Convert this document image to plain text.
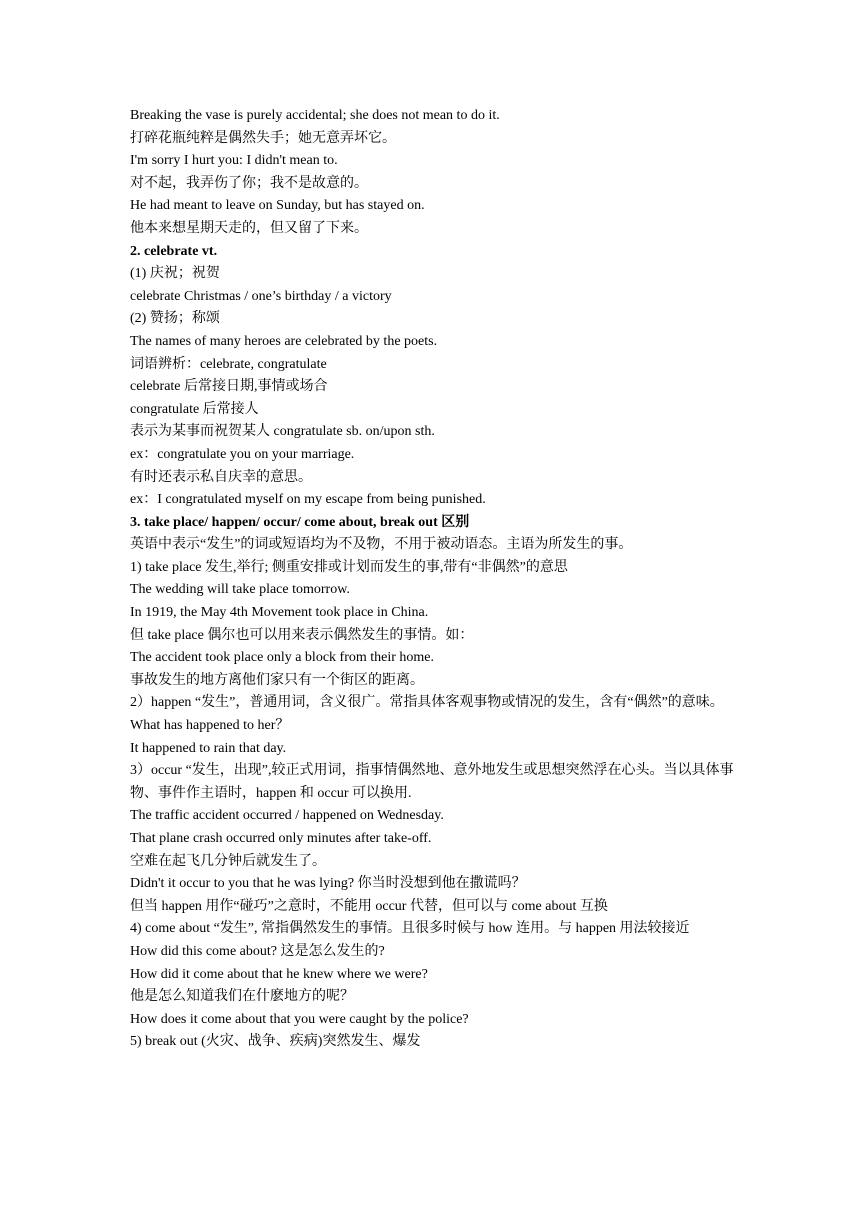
Breaking the vase is purely accidental; she does not mean to do it.
打碎花瓶纯粹是偶然失手；她无意弄坏它。
I'm sorry I hurt you: I didn't mean to.
对不起，我弄伤了你；我不是故意的。
He had meant to leave on Sunday, but has stayed on.
他本来想星期天走的，但又留了下来。
2. celebrate vt.
(1) 庆祝；祝贺
celebrate Christmas / one’s birthday / a victory
(2) 赞扬；称颂
The names of many heroes are celebrated by the poets.
词语辨析：celebrate, congratulate
celebrate 后常接日期,事情或场合
congratulate 后常接人
表示为某事而祝贺某人 congratulate sb. on/upon sth.
ex：congratulate you on your marriage.
有时还表示私自庆幸的意思。
ex：I congratulated myself on my escape from being punished.
3. take place/ happen/ occur/ come about, break out 区别
英语中表示“发生”的词或短语均为不及物，不用于被动语态。主语为所发生的事。
1) take place 发生,举行; 侧重安排或计划而发生的事,带有“非偶然”的意思
The wedding will take place tomorrow.
In 1919, the May 4th Movement took place in China.
但 take place 偶尔也可以用来表示偶然发生的事情。如：
The accident took place only a block from their home.
事故发生的地方离他们家只有一个街区的距离。
2）happen “发生”，普通用词，含义很广。常指具体客观事物或情况的发生，含有“偶然”的意味。
What has happened to her？
It happened to rain that day.
3）occur “发生，出现”,较正式用词，指事情偶然地、意外地发生或思想突然浮在心头。当以具体事物、事件作主语时，happen 和 occur 可以换用.
The traffic accident occurred / happened on Wednesday.
That plane crash occurred only minutes after take-off.
空难在起飞几分钟后就发生了。
Didn't it occur to you that he was lying? 你当时没想到他在撒谎吗？
但当 happen 用作“碰巧”之意时，不能用 occur 代替，但可以与 come about 互换
4) come about “发生”, 常指偶然发生的事情。且很多时候与 how 连用。与 happen 用法较接近
How did this come about? 这是怎么发生的?
How did it come about that he knew where we were?
他是怎么知道我们在什麽地方的呢？
How does it come about that you were caught by the police?
5) break out (火灾、战争、疾病)突然发生、爆发
